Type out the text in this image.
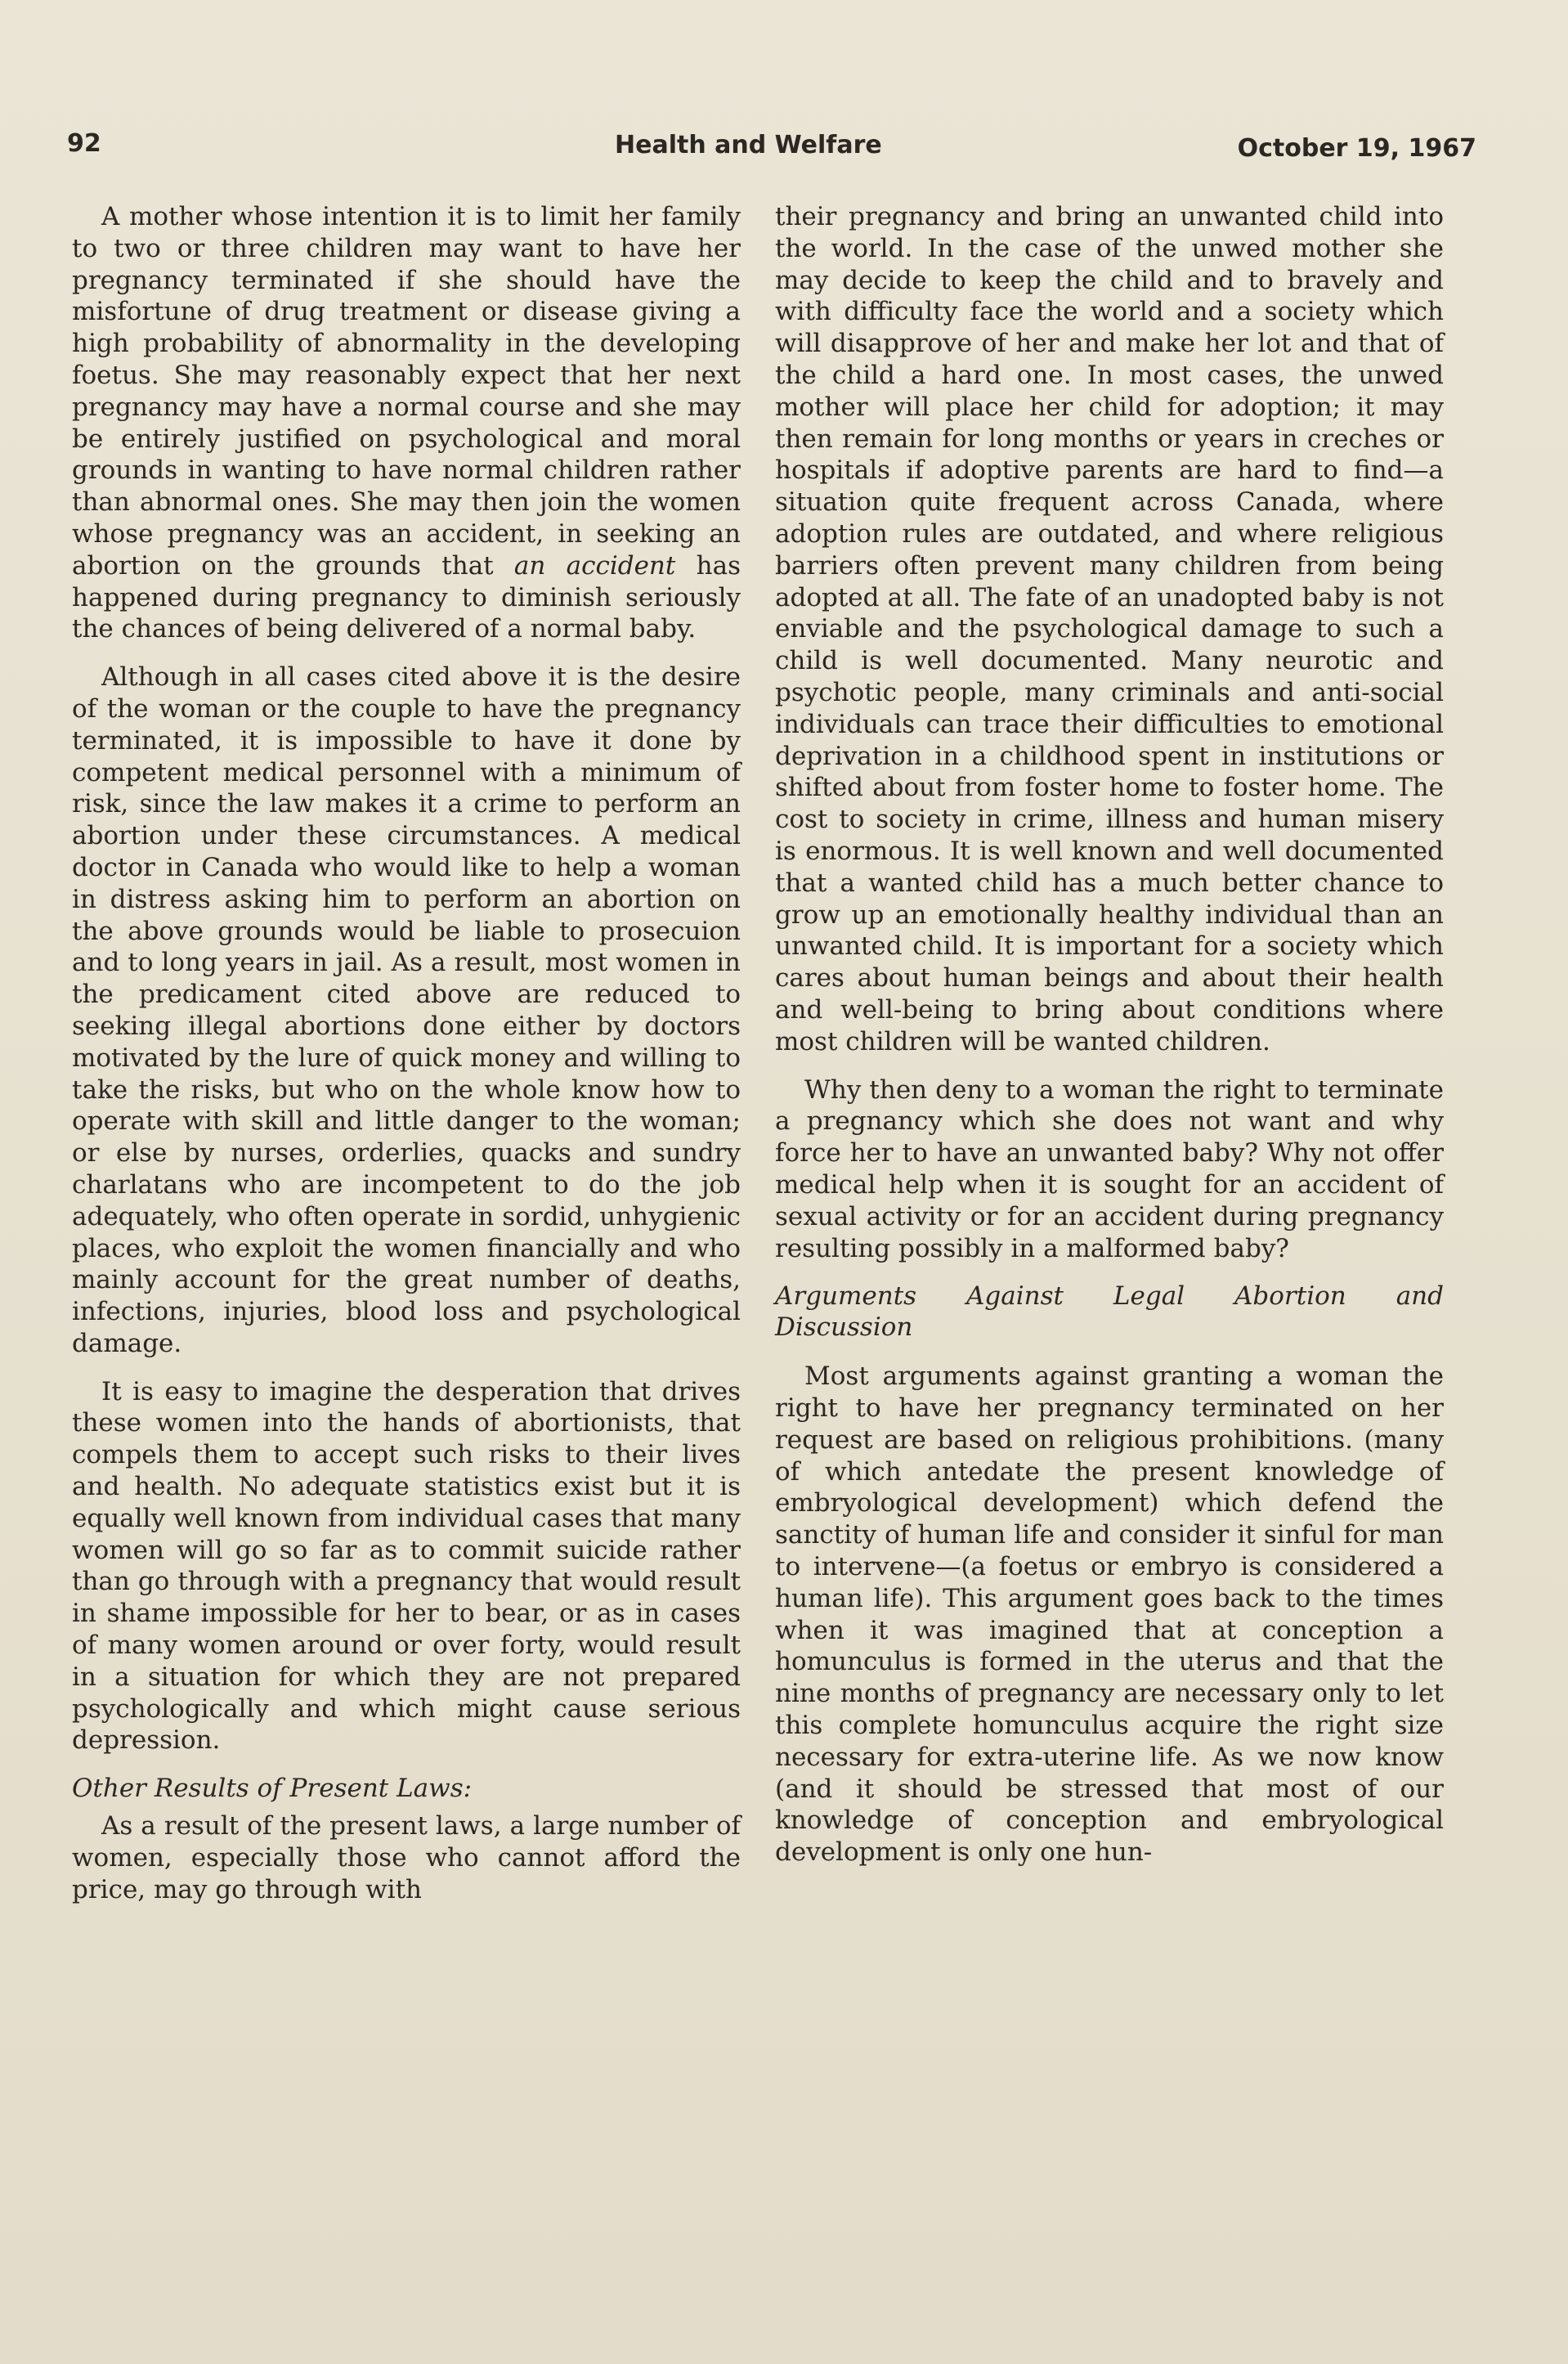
92	Health and Welfare	October 19, 1967

A mother whose intention it is to limit her family to two or three children may want to have her pregnancy terminated if she should have the misfortune of drug treatment or disease giving a high probability of abnormality in the developing foetus. She may reasonably expect that her next pregnancy may have a normal course and she may be entirely justified on psychological and moral grounds in wanting to have normal children rather than abnormal ones. She may then join the women whose pregnancy was an accident, in seeking an abortion on the grounds that an accident has happened during pregnancy to diminish seriously the chances of being delivered of a normal baby.

Although in all cases cited above it is the desire of the woman or the couple to have the pregnancy terminated, it is impossible to have it done by competent medical personnel with a minimum of risk, since the law makes it a crime to perform an abortion under these circumstances. A medical doctor in Canada who would like to help a woman in distress asking him to perform an abortion on the above grounds would be liable to prosecuion and to long years in jail. As a result, most women in the predicament cited above are reduced to seeking illegal abortions done either by doctors motivated by the lure of quick money and willing to take the risks, but who on the whole know how to operate with skill and little danger to the woman; or else by nurses, orderlies, quacks and sundry charlatans who are incompetent to do the job adequately, who often operate in sordid, unhygienic places, who exploit the women financially and who mainly account for the great number of deaths, infections, injuries, blood loss and psychological damage.

It is easy to imagine the desperation that drives these women into the hands of abortionists, that compels them to accept such risks to their lives and health. No adequate statistics exist but it is equally well known from individual cases that many women will go so far as to commit suicide rather than go through with a pregnancy that would result in shame impossible for her to bear, or as in cases of many women around or over forty, would result in a situation for which they are not prepared psychologically and which might cause serious depression.

Other Results of Present Laws:

As a result of the present laws, a large number of women, especially those who cannot afford the price, may go through with

their pregnancy and bring an unwanted child into the world. In the case of the unwed mother she may decide to keep the child and to bravely and with difficulty face the world and a society which will disapprove of her and make her lot and that of the child a hard one. In most cases, the unwed mother will place her child for adoption; it may then remain for long months or years in creches or hospitals if adoptive parents are hard to find—a situation quite frequent across Canada, where adoption rules are outdated, and where religious barriers often prevent many children from being adopted at all. The fate of an unadopted baby is not enviable and the psychological damage to such a child is well documented. Many neurotic and psychotic people, many criminals and anti-social individuals can trace their difficulties to emotional deprivation in a childhood spent in institutions or shifted about from foster home to foster home. The cost to society in crime, illness and human misery is enormous. It is well known and well documented that a wanted child has a much better chance to grow up an emotionally healthy individual than an unwanted child. It is important for a society which cares about human beings and about their health and well-being to bring about conditions where most children will be wanted children.

Why then deny to a woman the right to terminate a pregnancy which she does not want and why force her to have an unwanted baby? Why not offer medical help when it is sought for an accident of sexual activity or for an accident during pregnancy resulting possibly in a malformed baby?

Arguments Against Legal Abortion and
Discussion

Most arguments against granting a woman the right to have her pregnancy terminated on her request are based on religious prohibitions. (many of which antedate the present knowledge of embryological development) which defend the sanctity of human life and consider it sinful for man to intervene—(a foetus or embryo is considered a human life). This argument goes back to the times when it was imagined that at conception a homunculus is formed in the uterus and that the nine months of pregnancy are necessary only to let this complete homunculus acquire the right size necessary for extra-uterine life. As we now know (and it should be stressed that most of our knowledge of conception and embryological development is only one hun-
